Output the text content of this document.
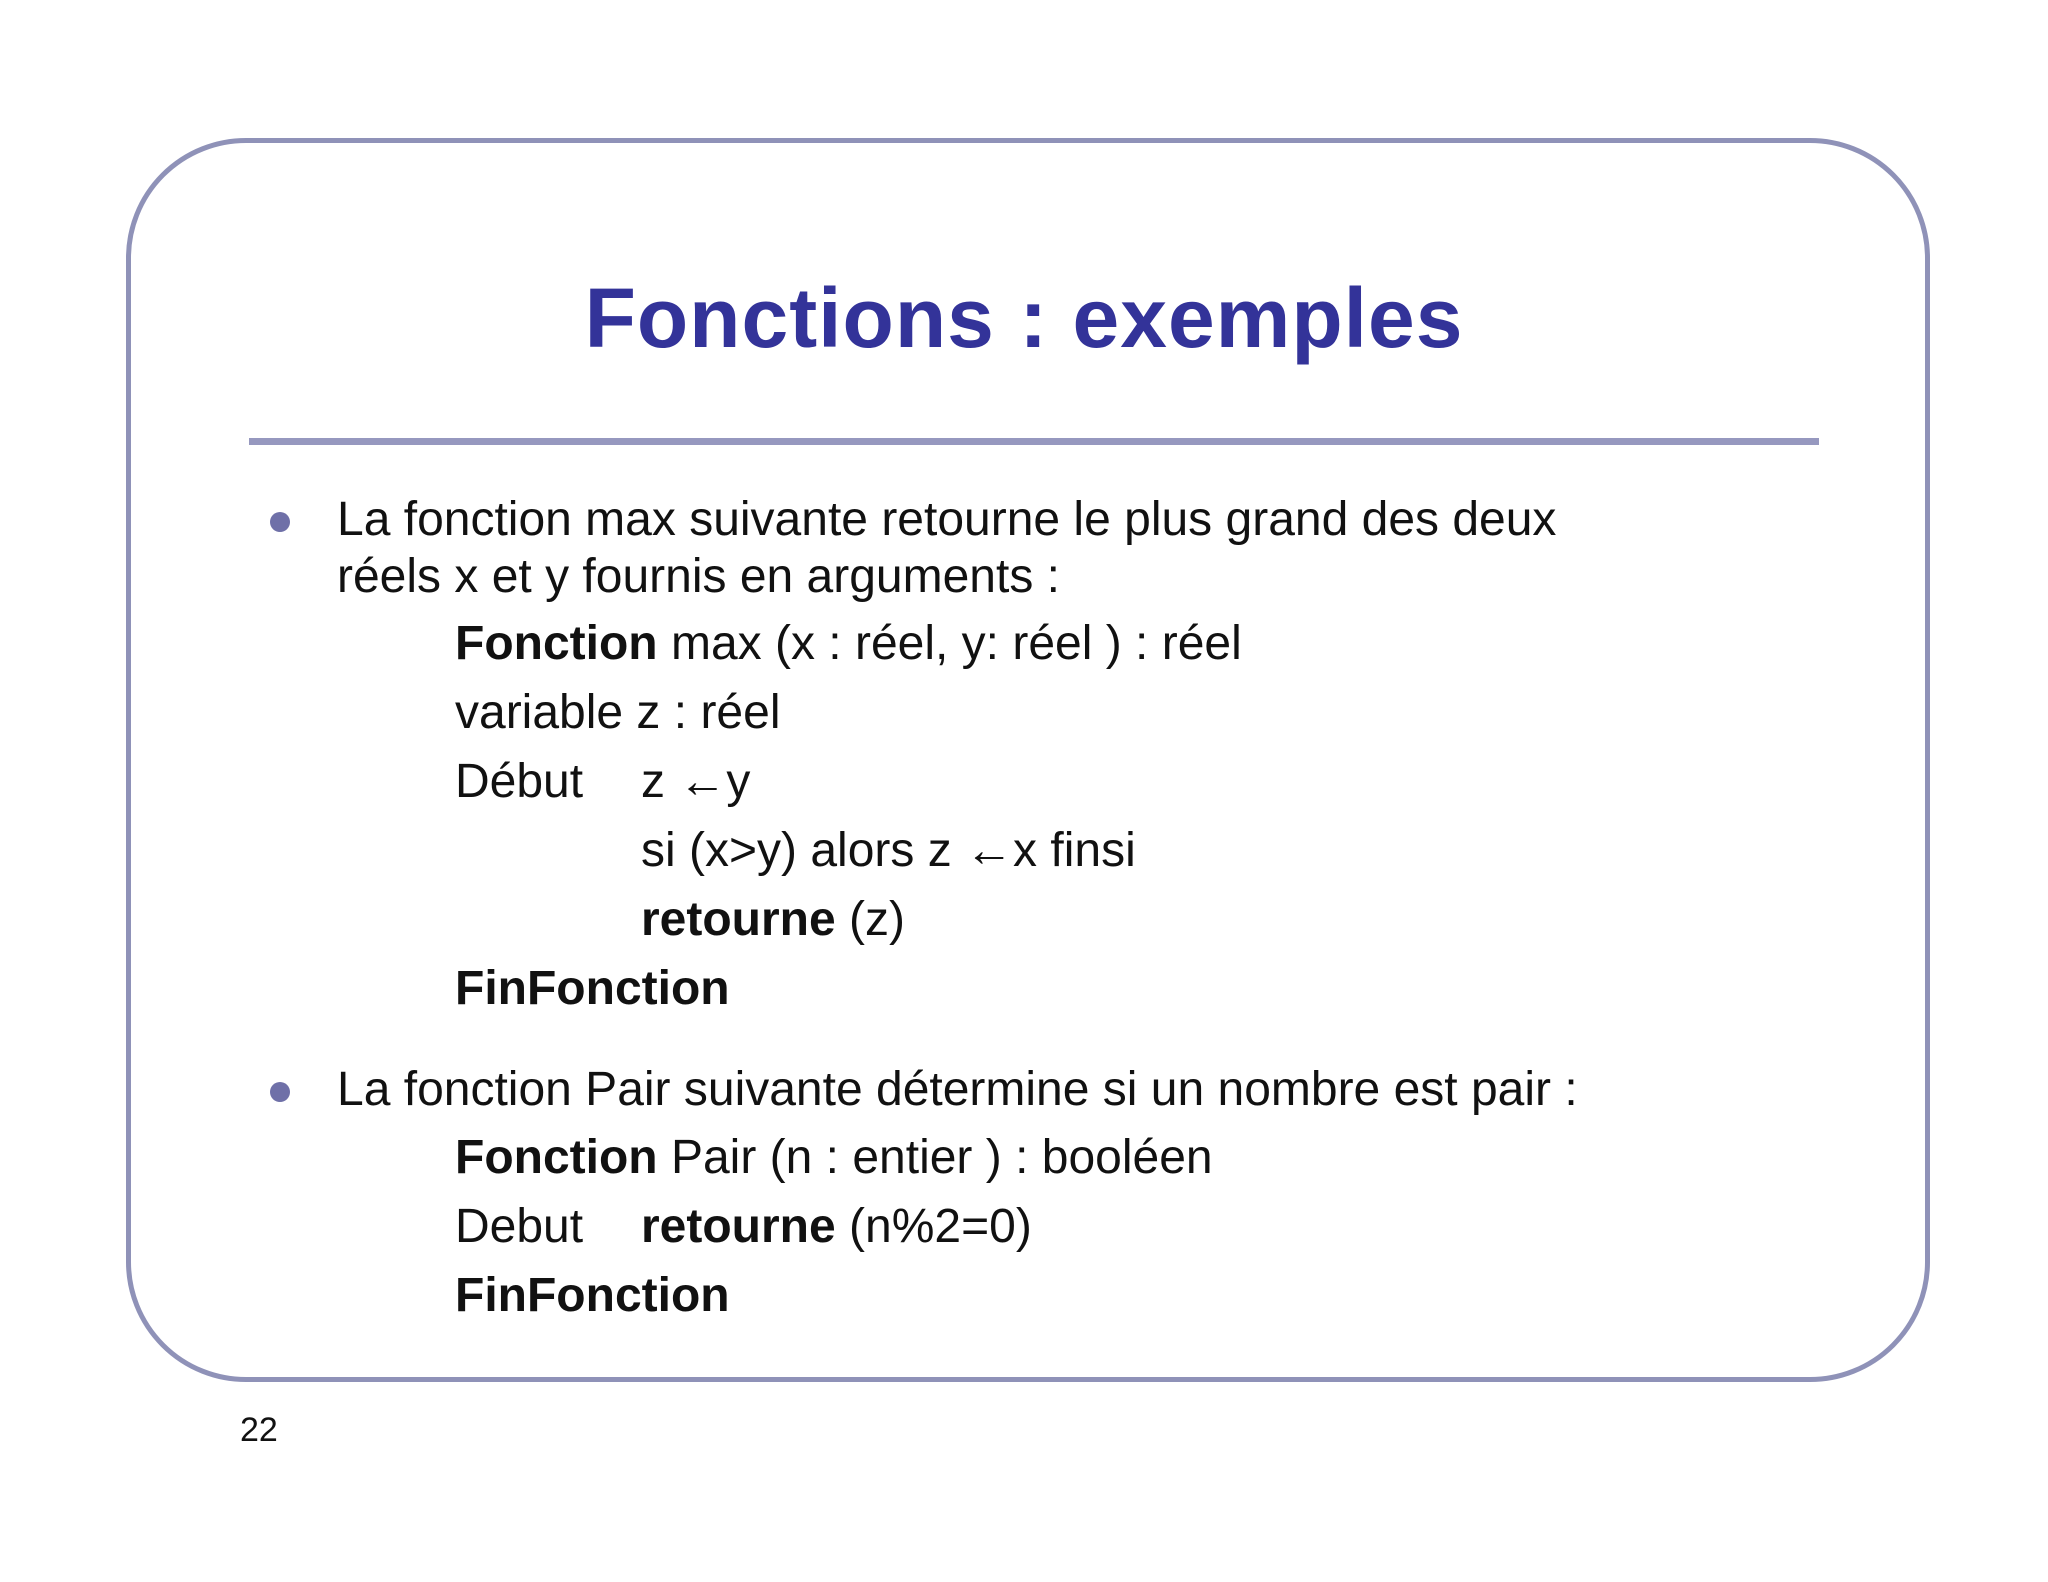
Fonctions : exemples
La fonction max suivante retourne le plus grand des deux
réels x et y fournis en arguments :
Fonction max (x : réel, y: réel ) : réel
variable z : réel
Début z ←y
si (x>y) alors z ←x finsi
retourne (z)
FinFonction
La fonction Pair suivante détermine si un nombre est pair :
Fonction Pair (n : entier ) : booléen
Debut retourne (n%2=0)
FinFonction
22
